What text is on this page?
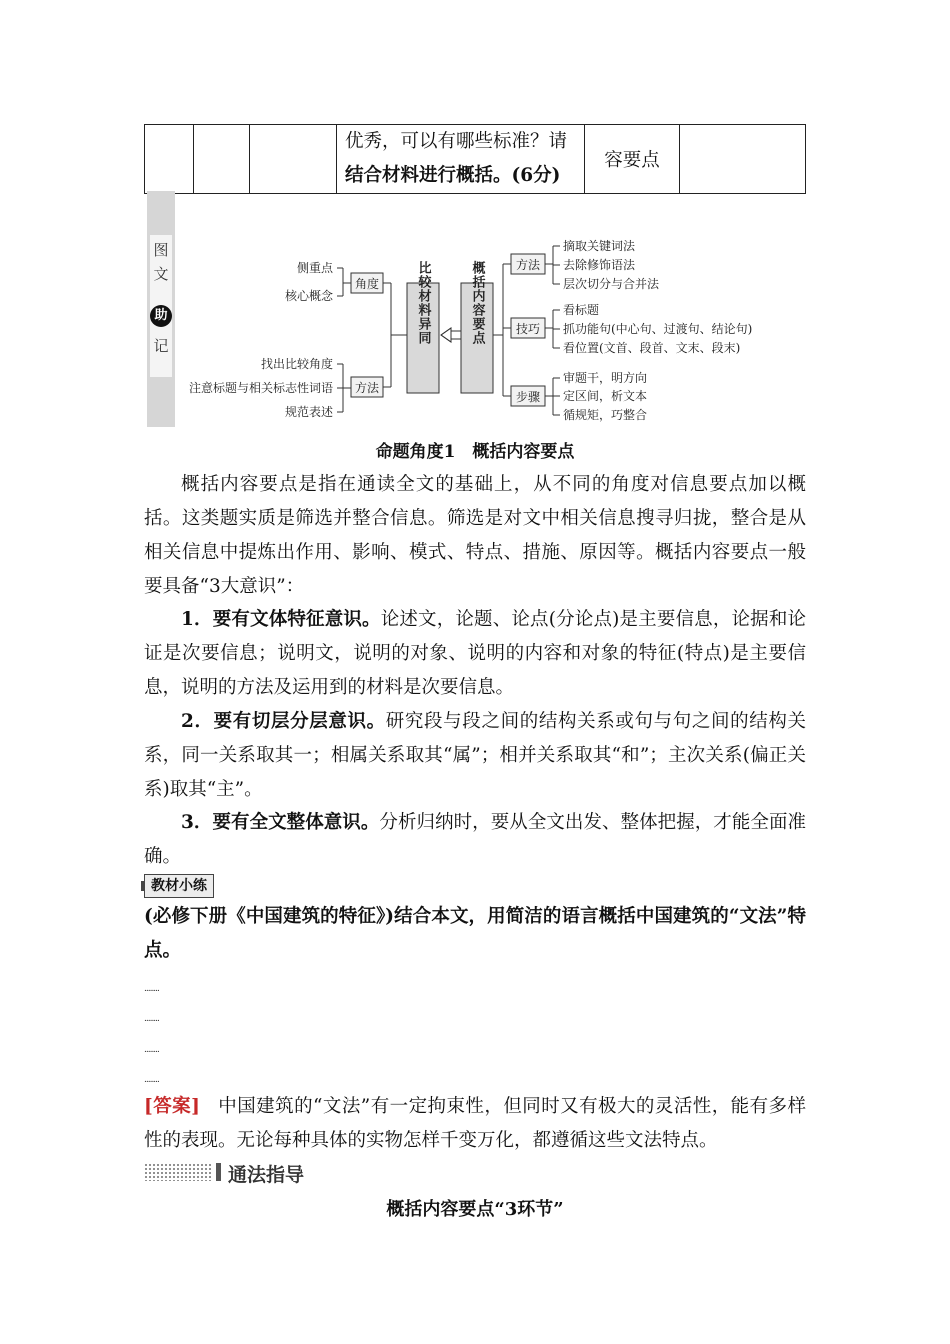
优秀，可以有哪些标准？请
结合材料进行概括。(6分)
	容要点	
图
文
助
记
侧重点
核心概念
角度
找出比较角度
注意标题与相关标志性词语
规范表述
方法
比较材料异同	概括内容要点	方法
技巧
步骤
摘取关键词法
去除修饰语法
层次切分与合并法
看标题
抓功能句(中心句、过渡句、结论句)
看位置(文首、段首、文末、段末)
审题干，明方向
定区间，析文本
循规矩，巧整合
命题角度1　概括内容要点
概括内容要点是指在通读全文的基础上，从不同的角度对信息要点加以概括。这类题实质是筛选并整合信息。筛选是对文中相关信息搜寻归拢，整合是从相关信息中提炼出作用、影响、模式、特点、措施、原因等。概括内容要点一般要具备“3大意识”：
1．要有文体特征意识。论述文，论题、论点(分论点)是主要信息，论据和论证是次要信息；说明文，说明的对象、说明的内容和对象的特征(特点)是主要信息，说明的方法及运用到的材料是次要信息。
2．要有切层分层意识。研究段与段之间的结构关系或句与句之间的结构关系，同一关系取其一；相属关系取其“属”；相并关系取其“和”；主次关系(偏正关系)取其“主”。
3．要有全文整体意识。分析归纳时，要从全文出发、整体把握，才能全面准确。
教材小练
(必修下册《中国建筑的特征》)结合本文，用简洁的语言概括中国建筑的“文法”特点。
........
........
........
........
[答案] 中国建筑的“文法”有一定拘束性，但同时又有极大的灵活性，能有多样性的表现。无论每种具体的实物怎样千变万化，都遵循这些文法特点。
通法指导
概括内容要点“3环节”
